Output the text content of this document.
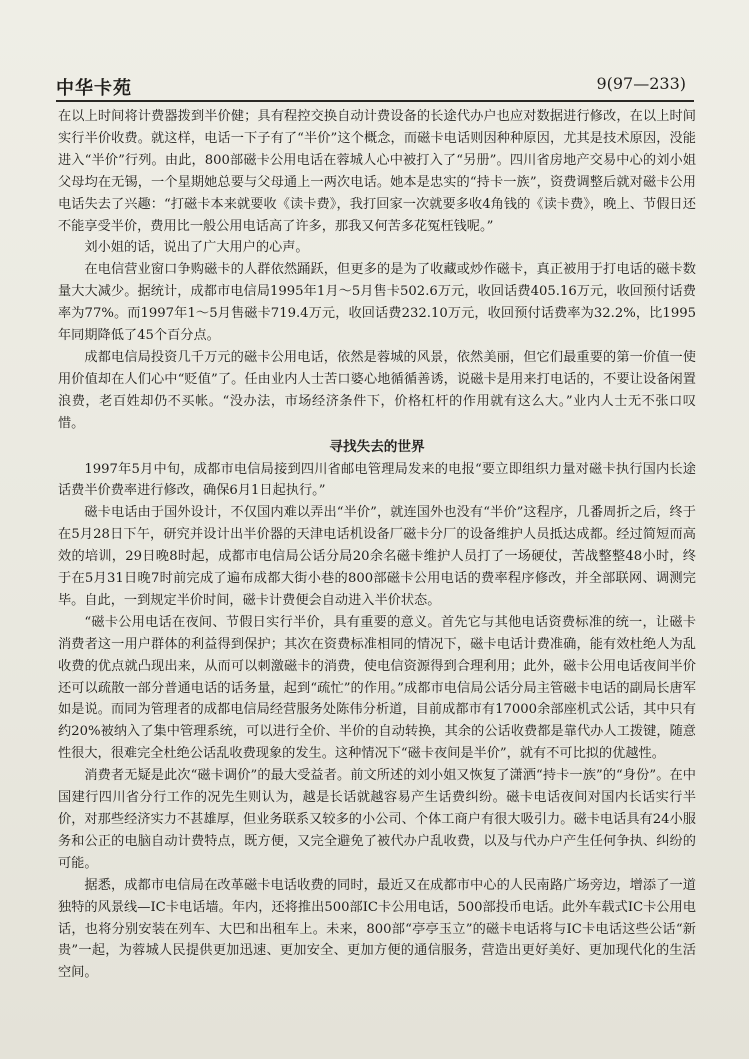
中华卡苑	9(97—233)

在以上时间将计费器拨到半价健；具有程控交换自动计费设备的长途代办户也应对数据进行修改，在以上时间实行半价收费。就这样，电话一下子有了“半价”这个概念，而磁卡电话则因种种原因，尤其是技术原因，没能进入“半价”行列。由此，800部磁卡公用电话在蓉城人心中被打入了“另册”。四川省房地产交易中心的刘小姐父母均在无锡，一个星期她总要与父母通上一两次电话。她本是忠实的“持卡一族”，资费调整后就对磁卡公用电话失去了兴趣：“打磁卡本来就要收《读卡费》，我打回家一次就要多收4角钱的《读卡费》，晚上、节假日还不能享受半价，费用比一般公用电话高了许多，那我又何苦多花冤枉钱呢。”

刘小姐的话，说出了广大用户的心声。

在电信营业窗口争购磁卡的人群依然踊跃，但更多的是为了收藏或炒作磁卡，真正被用于打电话的磁卡数量大大减少。据统计，成都市电信局1995年1月～5月售卡502.6万元，收回话费405.16万元，收回预付话费率为77%。而1997年1～5月售磁卡719.4万元，收回话费232.10万元，收回预付话费率为32.2%，比1995年同期降低了45个百分点。

成都电信局投资几千万元的磁卡公用电话，依然是蓉城的风景，依然美丽，但它们最重要的第一价值一使用价值却在人们心中“贬值”了。任由业内人士苦口婆心地循循善诱，说磁卡是用来打电话的，不要让设备闲置浪费，老百姓却仍不买帐。“没办法，市场经济条件下，价格杠杆的作用就有这么大。”业内人士无不张口叹惜。

寻找失去的世界

1997年5月中旬，成都市电信局接到四川省邮电管理局发来的电报“要立即组织力量对磁卡执行国内长途话费半价费率进行修改，确保6月1日起执行。”

磁卡电话由于国外设计，不仅国内难以弄出“半价”，就连国外也没有“半价”这程序，几番周折之后，终于在5月28日下午，研究并设计出半价器的天津电话机设备厂磁卡分厂的设备维护人员抵达成都。经过简短而高效的培训，29日晚8时起，成都市电信局公话分局20余名磁卡维护人员打了一场硬仗，苦战整整48小时，终于在5月31日晚7时前完成了遍布成都大街小巷的800部磁卡公用电话的费率程序修改，并全部联网、调测完毕。自此，一到规定半价时间，磁卡计费便会自动进入半价状态。

“磁卡公用电话在夜间、节假日实行半价，具有重要的意义。首先它与其他电话资费标准的统一，让磁卡消费者这一用户群体的利益得到保护；其次在资费标准相同的情况下，磁卡电话计费准确，能有效杜绝人为乱收费的优点就凸现出来，从而可以刺激磁卡的消费，使电信资源得到合理利用；此外，磁卡公用电话夜间半价还可以疏散一部分普通电话的话务量，起到“疏忙”的作用。”成都市电信局公话分局主管磁卡电话的副局长唐军如是说。而同为管理者的成都电信局经营服务处陈伟分析道，目前成都市有17000余部座机式公话，其中只有约20%被纳入了集中管理系统，可以进行全价、半价的自动转换，其余的公话收费都是靠代办人工拨键，随意性很大，很难完全杜绝公话乱收费现象的发生。这种情况下“磁卡夜间是半价”，就有不可比拟的优越性。

消费者无疑是此次“磁卡调价”的最大受益者。前文所述的刘小姐又恢复了潇洒“持卡一族”的“身份”。在中国建行四川省分行工作的况先生则认为，越是长话就越容易产生话费纠纷。磁卡电话夜间对国内长话实行半价，对那些经济实力不甚雄厚，但业务联系又较多的小公司、个体工商户有很大吸引力。磁卡电话具有24小服务和公正的电脑自动计费特点，既方便，又完全避免了被代办户乱收费，以及与代办户产生任何争执、纠纷的可能。

据悉，成都市电信局在改革磁卡电话收费的同时，最近又在成都市中心的人民南路广场旁边，增添了一道独特的风景线—IC卡电话墙。年内，还将推出500部IC卡公用电话，500部投币电话。此外车载式IC卡公用电话，也将分别安装在列车、大巴和出租车上。未来，800部“亭亭玉立”的磁卡电话将与IC卡电话这些公话“新贵”一起，为蓉城人民提供更加迅速、更加安全、更加方便的通信服务，营造出更好美好、更加现代化的生活空间。
